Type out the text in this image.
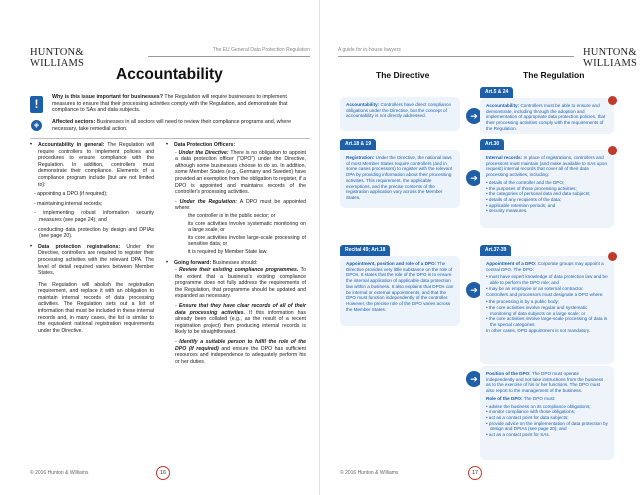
HUNTON&
WILLIAMS
The EU General Data Protection Regulation
Accountability
!	Why is this issue important for businesses? The Regulation will require businesses to implement measures to ensure that their processing activities comply with the Regulation, and demonstrate that compliance to SAs and data subjects.
◈	Affected sectors: Businesses in all sectors will need to review their compliance programs and, where necessary, take remedial action.

• Accountability in general: The Regulation will require controllers to implement policies and procedures to ensure compliance with the Regulation. In addition, controllers must demonstrate their compliance. Elements of a compliance program include (but are not limited to):

- appointing a DPO (if required);

- maintaining internal records;

- implementing robust information security measures (see page 24); and

- conducting data protection by design and DPIAs (see page 20).

• Data protection registrations: Under the Directive, controllers are required to register their processing activities with the relevant DPA. The level of detail required varies between Member States.

The Regulation will abolish the registration requirement, and replace it with an obligation to maintain internal records of data processing activities. The Regulation sets out a list of information that must be included in these internal records and, in many cases, the list is similar to the equivalent national registration requirements under the Directive.

• Data Protection Officers:

- Under the Directive: There is no obligation to appoint a data protection officer ("DPO") under the Directive, although some businesses choose to do so. In addition, some Member States (e.g., Germany and Sweden) have provided an exemption from the obligation to register, if a DPO is appointed and maintains records of the controller's processing activities.

- Under the Regulation: A DPO must be appointed where:

the controller is in the public sector; or

its core activities involve systematic monitoring on a large scale; or

its core activities involve large-scale processing of sensitive data; or

it is required by Member State law.

• Going forward: Businesses should:

- Review their existing compliance programmes. To the extent that a business's existing compliance programme does not fully address the requirements of the Regulation, that programme should be updated and expanded as necessary.

- Ensure that they have clear records of all of their data processing activities. If this information has already been collated (e.g., as the result of a recent registration project) then producing internal records is likely to be straightforward.

- Identify a suitable person to fulfil the role of the DPO (if required) and ensure the DPO has sufficient resources and independence to adequately perform his or her duties.

© 2016 Hunton & Williams	16
A guide for in-house lawyers	HUNTON&
WILLIAMS
The Directive	The Regulation
Accountability: Controllers have direct compliance obligations under the Directive, but the concept of accountability is not directly addressed.	➔
Art.5 & 24
Accountability: Controllers must be able to ensure and demonstrate, including through the adoption and implementation of appropriate data protection policies, that their processing activities comply with the requirements of the Regulation.
Art.18 & 19
Registration: Under the Directive, the national laws of most Member States require controllers (and in some cases processors) to register with the relevant DPA by providing information about their processing activities. This requirement, the applicable exemptions, and the precise contents of the registration application vary across the Member States.
➔
Art.30

Internal records: In place of registrations, controllers and processors must maintain (and make available to SAs upon request) internal records that cover all of their data processing activities, including:

• details of the controller and the DPO;
• the purposes of those processing activities;
• the categories of personal data and data subjects;
• details of any recipients of the data;
• applicable retention periods; and
• security measures.
Recital 49; Art.18
Appointment, position and role of a DPO: The Directive provides very little substance on the role of DPOs. It states that the role of the DPO is to ensure the internal application of applicable data protection law within a business. It also explains that DPOs can be internal or external appointments, and that the DPO must function independently of the controller. However, the precise role of the DPO varies across the Member States.
➔
Art.37-39

Appointment of a DPO: Corporate groups may appoint a central DPO. The DPO:

• must have expert knowledge of data protection law and be able to perform the DPO role; and
• may be an employee or an external contractor.

Controllers and processors must designate a DPO where:

• the processing is by a public body;
• the core activities involve regular and systematic monitoring of data subjects on a large scale; or
• the core activities involve large-scale processing of data in the special categories.

In other cases, DPO appointment is not mandatory.

➔

Position of the DPO: The DPO must operate independently and not take instructions from the business as to the exercise of his or her functions. The DPO must also report to the management of the business.

Role of the DPO: The DPO must:

• advise the business on its compliance obligations;
• monitor compliance with those obligations;
• act as a contact point for data subjects;
• provide advice on the implementation of data protection by design and DPIAs (see page 20); and
• act as a contact point for SAs.
© 2016 Hunton & Williams	17
